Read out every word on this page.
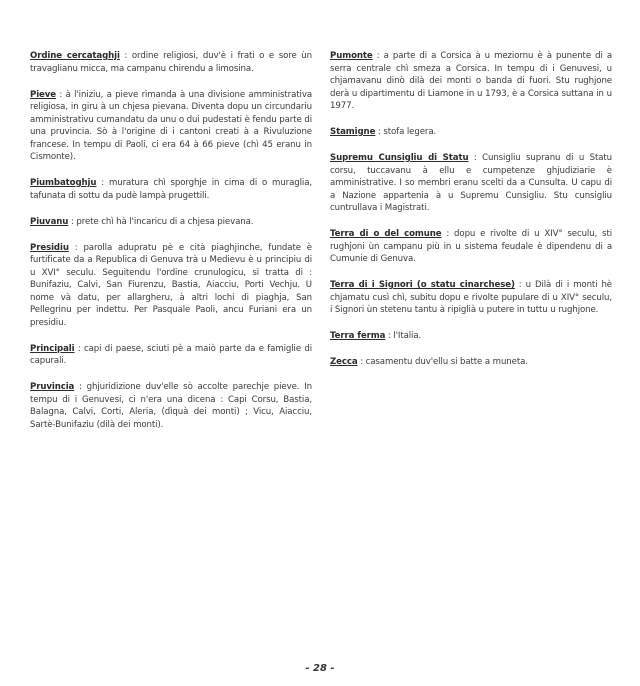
Ordine cercataghji : ordine religiosi, duv'è i frati o e sore ùn travaglianu micca, ma campanu chirendu a limosina.

Pieve : à l'iniziu, a pieve rimanda à una divisione amministrativa religiosa, in giru à un chjesa pievana. Diventa dopu un circundariu amministrativu cumandatu da unu o dui pudestati è fendu parte di una pruvincia. Sò à l'origine di i cantoni creati à a Rivuluzione francese. In tempu di Paoli, ci era 64 à 66 pieve (chì 45 eranu in Cismonte).

Piumbatoghju : muratura chì sporghje in cima di o muraglia, tafunata di sottu da pudè lampà prugettili.

Piuvanu : prete chì hà l'incaricu di a chjesa pievana.

Presidiu : parolla adupratu pè e cità piaghjinche, fundate è furtificate da a Republica di Genuva trà u Medievu è u principiu di u XVI° seculu. Seguitendu l'ordine crunulogicu, si tratta di : Bunifaziu, Calvi, San Fiurenzu, Bastia, Aiacciu, Porti Vechju. U nome và datu, per allargheru, à altri lochi di piaghja, San Pellegrinu per indettu. Per Pasquale Paoli, ancu Furiani era un presidiu.

Principali : capi di paese, sciuti pè a maiò parte da e famiglie di capurali.

Pruvincia : ghjuridizione duv'elle sò accolte parechje pieve. In tempu di i Genuvesi, ci n'era una dicena : Capi Corsu, Bastia, Balagna, Calvi, Corti, Aleria, (dìquà dei monti) ; Vicu, Aiacciu, Sartè-Bunifaziu (dilà dei monti).

Pumonte : a parte di a Corsica à u meziornu è à punente di a serra centrale chì smeza a Corsica. In tempu di i Genuvesi, u chjamavanu dinò dilà dei monti o banda di fuori. Stu rughjone derà u dipartimentu di Liamone in u 1793, è a Corsica suttana in u 1977.

Stamigne : stofa legera.

Supremu Cunsigliu di Statu : Cunsigliu supranu di u Statu corsu, tuccavanu à ellu e cumpetenze ghjudiziarie è amministrative. I so membri eranu scelti da a Cunsulta. U capu di a Nazione appartenia à u Supremu Cunsigliu. Stu cunsigliu cuntrullava i Magistrati.

Terra di o del comune : dopu e rivolte di u XIV° seculu, sti rughjoni ùn campanu più in u sistema feudale è dipendenu di a Cumunie di Genuva.

Terra di i Signori (o statu cinarchese) : u Dilà di i monti hè chjamatu cusì chì, subitu dopu e rivolte pupulare di u XIV° seculu, i Signori ùn stetenu tantu à ripiglià u putere in tuttu u rughjone.

Terra ferma : l'Italia.

Zecca : casamentu duv'ellu si batte a muneta.

- 28 -
